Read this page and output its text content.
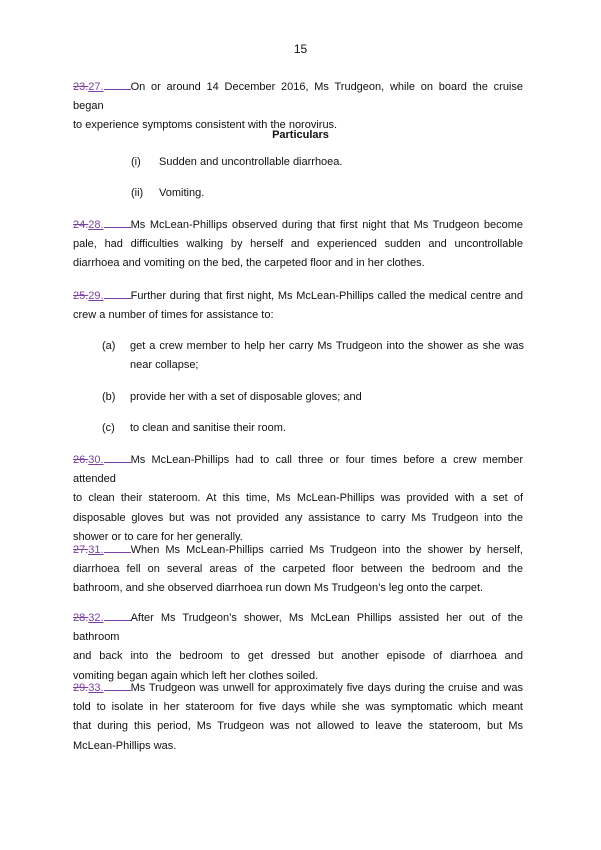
15
23.27. On or around 14 December 2016, Ms Trudgeon, while on board the cruise began
to experience symptoms consistent with the norovirus.
Particulars
(i) Sudden and uncontrollable diarrhoea.
(ii) Vomiting.
24.28. Ms McLean-Phillips observed during that first night that Ms Trudgeon become
pale, had difficulties walking by herself and experienced sudden and uncontrollable
diarrhoea and vomiting on the bed, the carpeted floor and in her clothes.
25.29. Further during that first night, Ms McLean-Phillips called the medical centre and
crew a number of times for assistance to:
(a) get a crew member to help her carry Ms Trudgeon into the shower as she was
near collapse;
(b) provide her with a set of disposable gloves; and
(c) to clean and sanitise their room.
26.30. Ms McLean-Phillips had to call three or four times before a crew member attended
to clean their stateroom. At this time, Ms McLean-Phillips was provided with a set of
disposable gloves but was not provided any assistance to carry Ms Trudgeon into the
shower or to care for her generally.
27.31. When Ms McLean-Phillips carried Ms Trudgeon into the shower by herself,
diarrhoea fell on several areas of the carpeted floor between the bedroom and the
bathroom, and she observed diarrhoea run down Ms Trudgeon’s leg onto the carpet.
28.32. After Ms Trudgeon’s shower, Ms McLean Phillips assisted her out of the bathroom
and back into the bedroom to get dressed but another episode of diarrhoea and
vomiting began again which left her clothes soiled.
29.33. Ms Trudgeon was unwell for approximately five days during the cruise and was
told to isolate in her stateroom for five days while she was symptomatic which meant
that during this period, Ms Trudgeon was not allowed to leave the stateroom, but Ms
McLean-Phillips was.
